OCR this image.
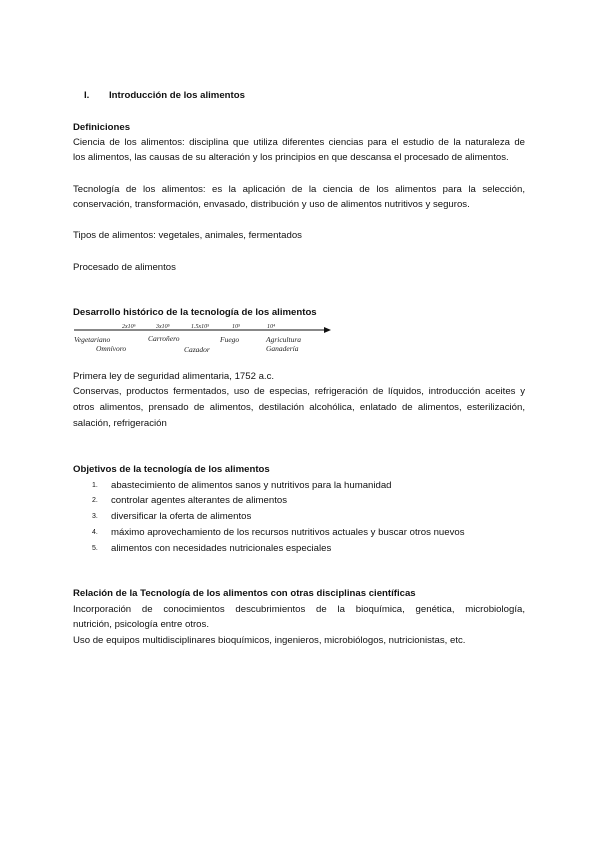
I. Introducción de los alimentos
Definiciones
Ciencia de los alimentos: disciplina que utiliza diferentes ciencias para el estudio de la naturaleza de
los alimentos, las causas de su alteración y los principios en que descansa el procesado de alimentos.
Tecnología de los alimentos: es la aplicación de la ciencia de los alimentos para la selección,
conservación, transformación, envasado, distribución y uso de alimentos nutritivos y seguros.
Tipos de alimentos: vegetales, animales, fermentados
Procesado de alimentos
Desarrollo histórico de la tecnología de los alimentos
2x10⁶	3x10⁵	1.5x10⁵	10⁵	10⁴
Vegetariano	Carroñero	Fuego	Agricultura
Omnívoro	Cazador	Ganadería
Primera ley de seguridad alimentaria, 1752 a.c.
Conservas, productos fermentados, uso de especias, refrigeración de líquidos, introducción aceites y
otros alimentos, prensado de alimentos, destilación alcohólica, enlatado de alimentos, esterilización,
salación, refrigeración
Objetivos de la tecnología de los alimentos
1. abastecimiento de alimentos sanos y nutritivos para la humanidad
2. controlar agentes alterantes de alimentos
3. diversificar la oferta de alimentos
4. máximo aprovechamiento de los recursos nutritivos actuales y buscar otros nuevos
5. alimentos con necesidades nutricionales especiales
Relación de la Tecnología de los alimentos con otras disciplinas científicas
Incorporación de conocimientos descubrimientos de la bioquímica, genética, microbiología,
nutrición, psicología entre otros.
Uso de equipos multidisciplinares bioquímicos, ingenieros, microbiólogos, nutricionistas, etc.
